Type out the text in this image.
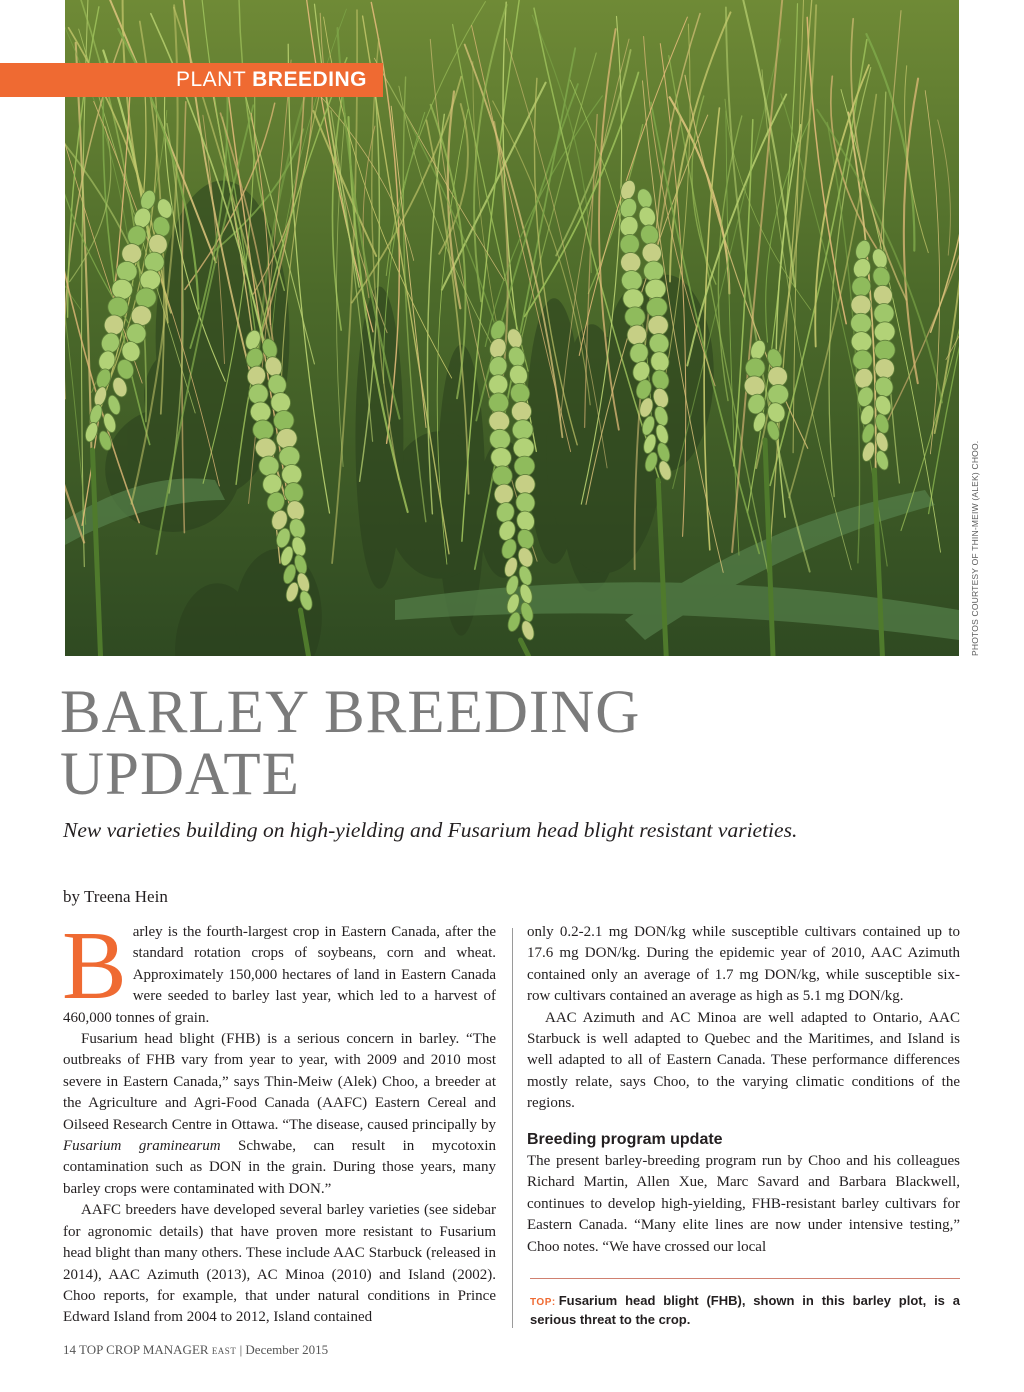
PLANT BREEDING
PHOTOS COURTESY OF THIN-MEIW (ALEK) CHOO.
BARLEY BREEDING
UPDATE
New varieties building on high-yielding and Fusarium head blight resistant varieties.
by Treena Hein

Barley is the fourth-largest crop in Eastern Canada, after the standard rotation crops of soybeans, corn and wheat. Approximately 150,000 hectares of land in Eastern Canada were seeded to barley last year, which led to a harvest of 460,000 tonnes of grain.

Fusarium head blight (FHB) is a serious concern in barley. “The outbreaks of FHB vary from year to year, with 2009 and 2010 most severe in Eastern Canada,” says Thin-Meiw (Alek) Choo, a breeder at the Agriculture and Agri-Food Canada (AAFC) Eastern Cereal and Oilseed Research Centre in Ottawa. “The disease, caused principally by Fusarium graminearum Schwabe, can result in mycotoxin contamination such as DON in the grain. During those years, many barley crops were contaminated with DON.”

AAFC breeders have developed several barley varieties (see sidebar for agronomic details) that have proven more resistant to Fusarium head blight than many others. These include AAC Starbuck (released in 2014), AAC Azimuth (2013), AC Minoa (2010) and Island (2002). Choo reports, for example, that under natural conditions in Prince Edward Island from 2004 to 2012, Island contained

only 0.2-2.1 mg DON/kg while susceptible cultivars contained up to 17.6 mg DON/kg. During the epidemic year of 2010, AAC Azimuth contained only an average of 1.7 mg DON/kg, while susceptible six-row cultivars contained an average as high as 5.1 mg DON/kg.

AAC Azimuth and AC Minoa are well adapted to Ontario, AAC Starbuck is well adapted to Quebec and the Maritimes, and Island is well adapted to all of Eastern Canada. These performance differences mostly relate, says Choo, to the varying climatic conditions of the regions.

Breeding program update

The present barley-breeding program run by Choo and his colleagues Richard Martin, Allen Xue, Marc Savard and Barbara Blackwell, continues to develop high-yielding, FHB-resistant barley cultivars for Eastern Canada. “Many elite lines are now under intensive testing,” Choo notes. “We have crossed our local

TOP: Fusarium head blight (FHB), shown in this barley plot, is a serious threat to the crop.
14 TOP CROP MANAGER EAST | December 2015
